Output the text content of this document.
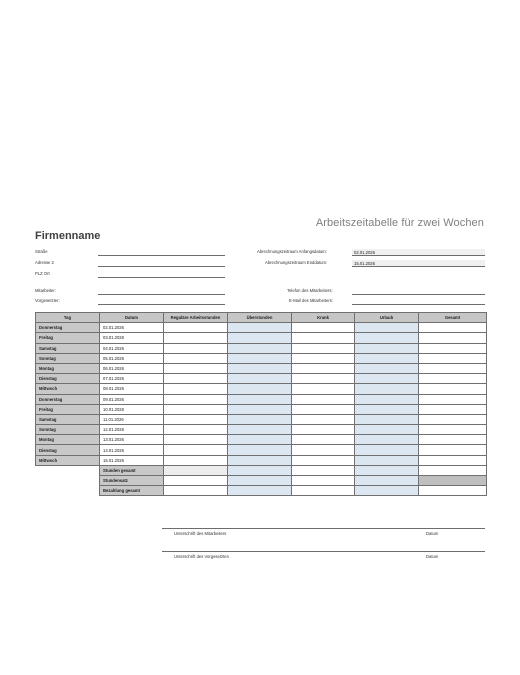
Arbeitszeitabelle für zwei Wochen
Firmenname
Straße
Adresse 2
PLZ Ort
Abrechnungszeitraum Anfangsdatum:	02.01.2026
Abrechnungszeitraum Enddatum:	15.01.2026
Mitarbeiter:
Vorgesetzter:
Telefon des Mitarbeiters:
E-Mail des Mitarbeiters:
Tag	Datum	Reguläre Arbeitsstunden	Überstunden	Krank	Urlaub	Gesamt
Donnerstag	02.01.2026					
Freitag	03.01.2026					
Samstag	04.01.2026					
Sonntag	05.01.2026					
Montag	06.01.2026					
Dienstag	07.01.2026					
Mittwoch	08.01.2026					
Donnerstag	09.01.2026					
Freitag	10.01.2026					
Samstag	11.01.2026					
Sonntag	12.01.2026					
Montag	13.01.2026					
Dienstag	14.01.2026					
Mittwoch	15.01.2026					
	Stunden gesamt					
	Stundensatz					
	Bezahlung gesamt					
Unterschrift des Mitarbeiters	Datum
Unterschrift des Vorgesetzten	Datum
